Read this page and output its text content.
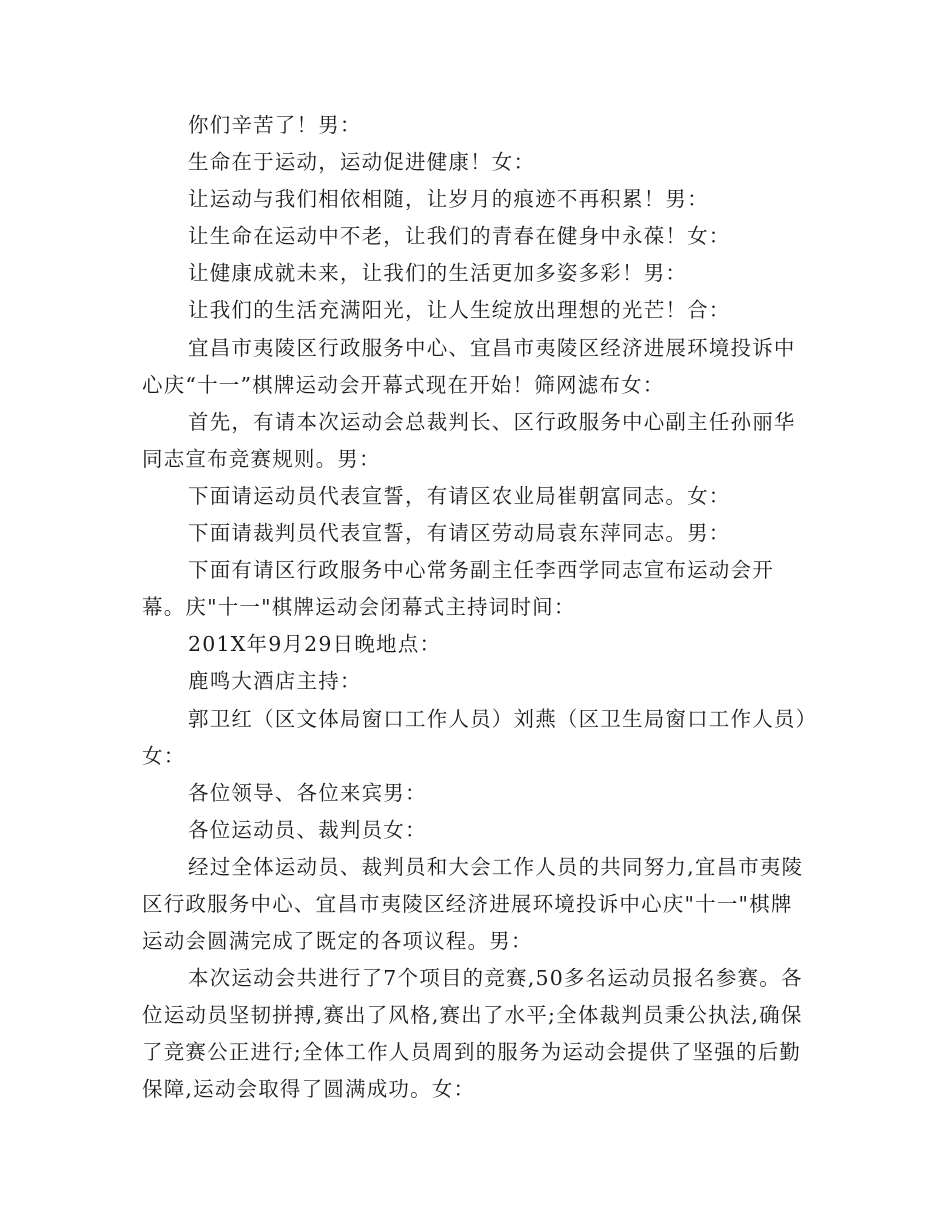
你们辛苦了！男：

生命在于运动，运动促进健康！女：

让运动与我们相依相随，让岁月的痕迹不再积累！男：

让生命在运动中不老，让我们的青春在健身中永葆！女：

让健康成就未来，让我们的生活更加多姿多彩！男：

让我们的生活充满阳光，让人生绽放出理想的光芒！合：

宜昌市夷陵区行政服务中心、宜昌市夷陵区经济进展环境投诉中心庆“十一”棋牌运动会开幕式现在开始！筛网滤布女：

首先，有请本次运动会总裁判长、区行政服务中心副主任孙丽华同志宣布竞赛规则。男：

下面请运动员代表宣誓，有请区农业局崔朝富同志。女：

下面请裁判员代表宣誓，有请区劳动局袁东萍同志。男：

下面有请区行政服务中心常务副主任李西学同志宣布运动会开幕。庆"十一"棋牌运动会闭幕式主持词时间：

201X年9月29日晚地点：

鹿鸣大酒店主持：

郭卫红（区文体局窗口工作人员）刘燕（区卫生局窗口工作人员）女：

各位领导、各位来宾男：

各位运动员、裁判员女：

经过全体运动员、裁判员和大会工作人员的共同努力,宜昌市夷陵区行政服务中心、宜昌市夷陵区经济进展环境投诉中心庆"十一"棋牌运动会圆满完成了既定的各项议程。男：

本次运动会共进行了7个项目的竞赛,50多名运动员报名参赛。各位运动员坚韧拼搏,赛出了风格,赛出了水平;全体裁判员秉公执法,确保了竞赛公正进行;全体工作人员周到的服务为运动会提供了坚强的后勤保障,运动会取得了圆满成功。女：
